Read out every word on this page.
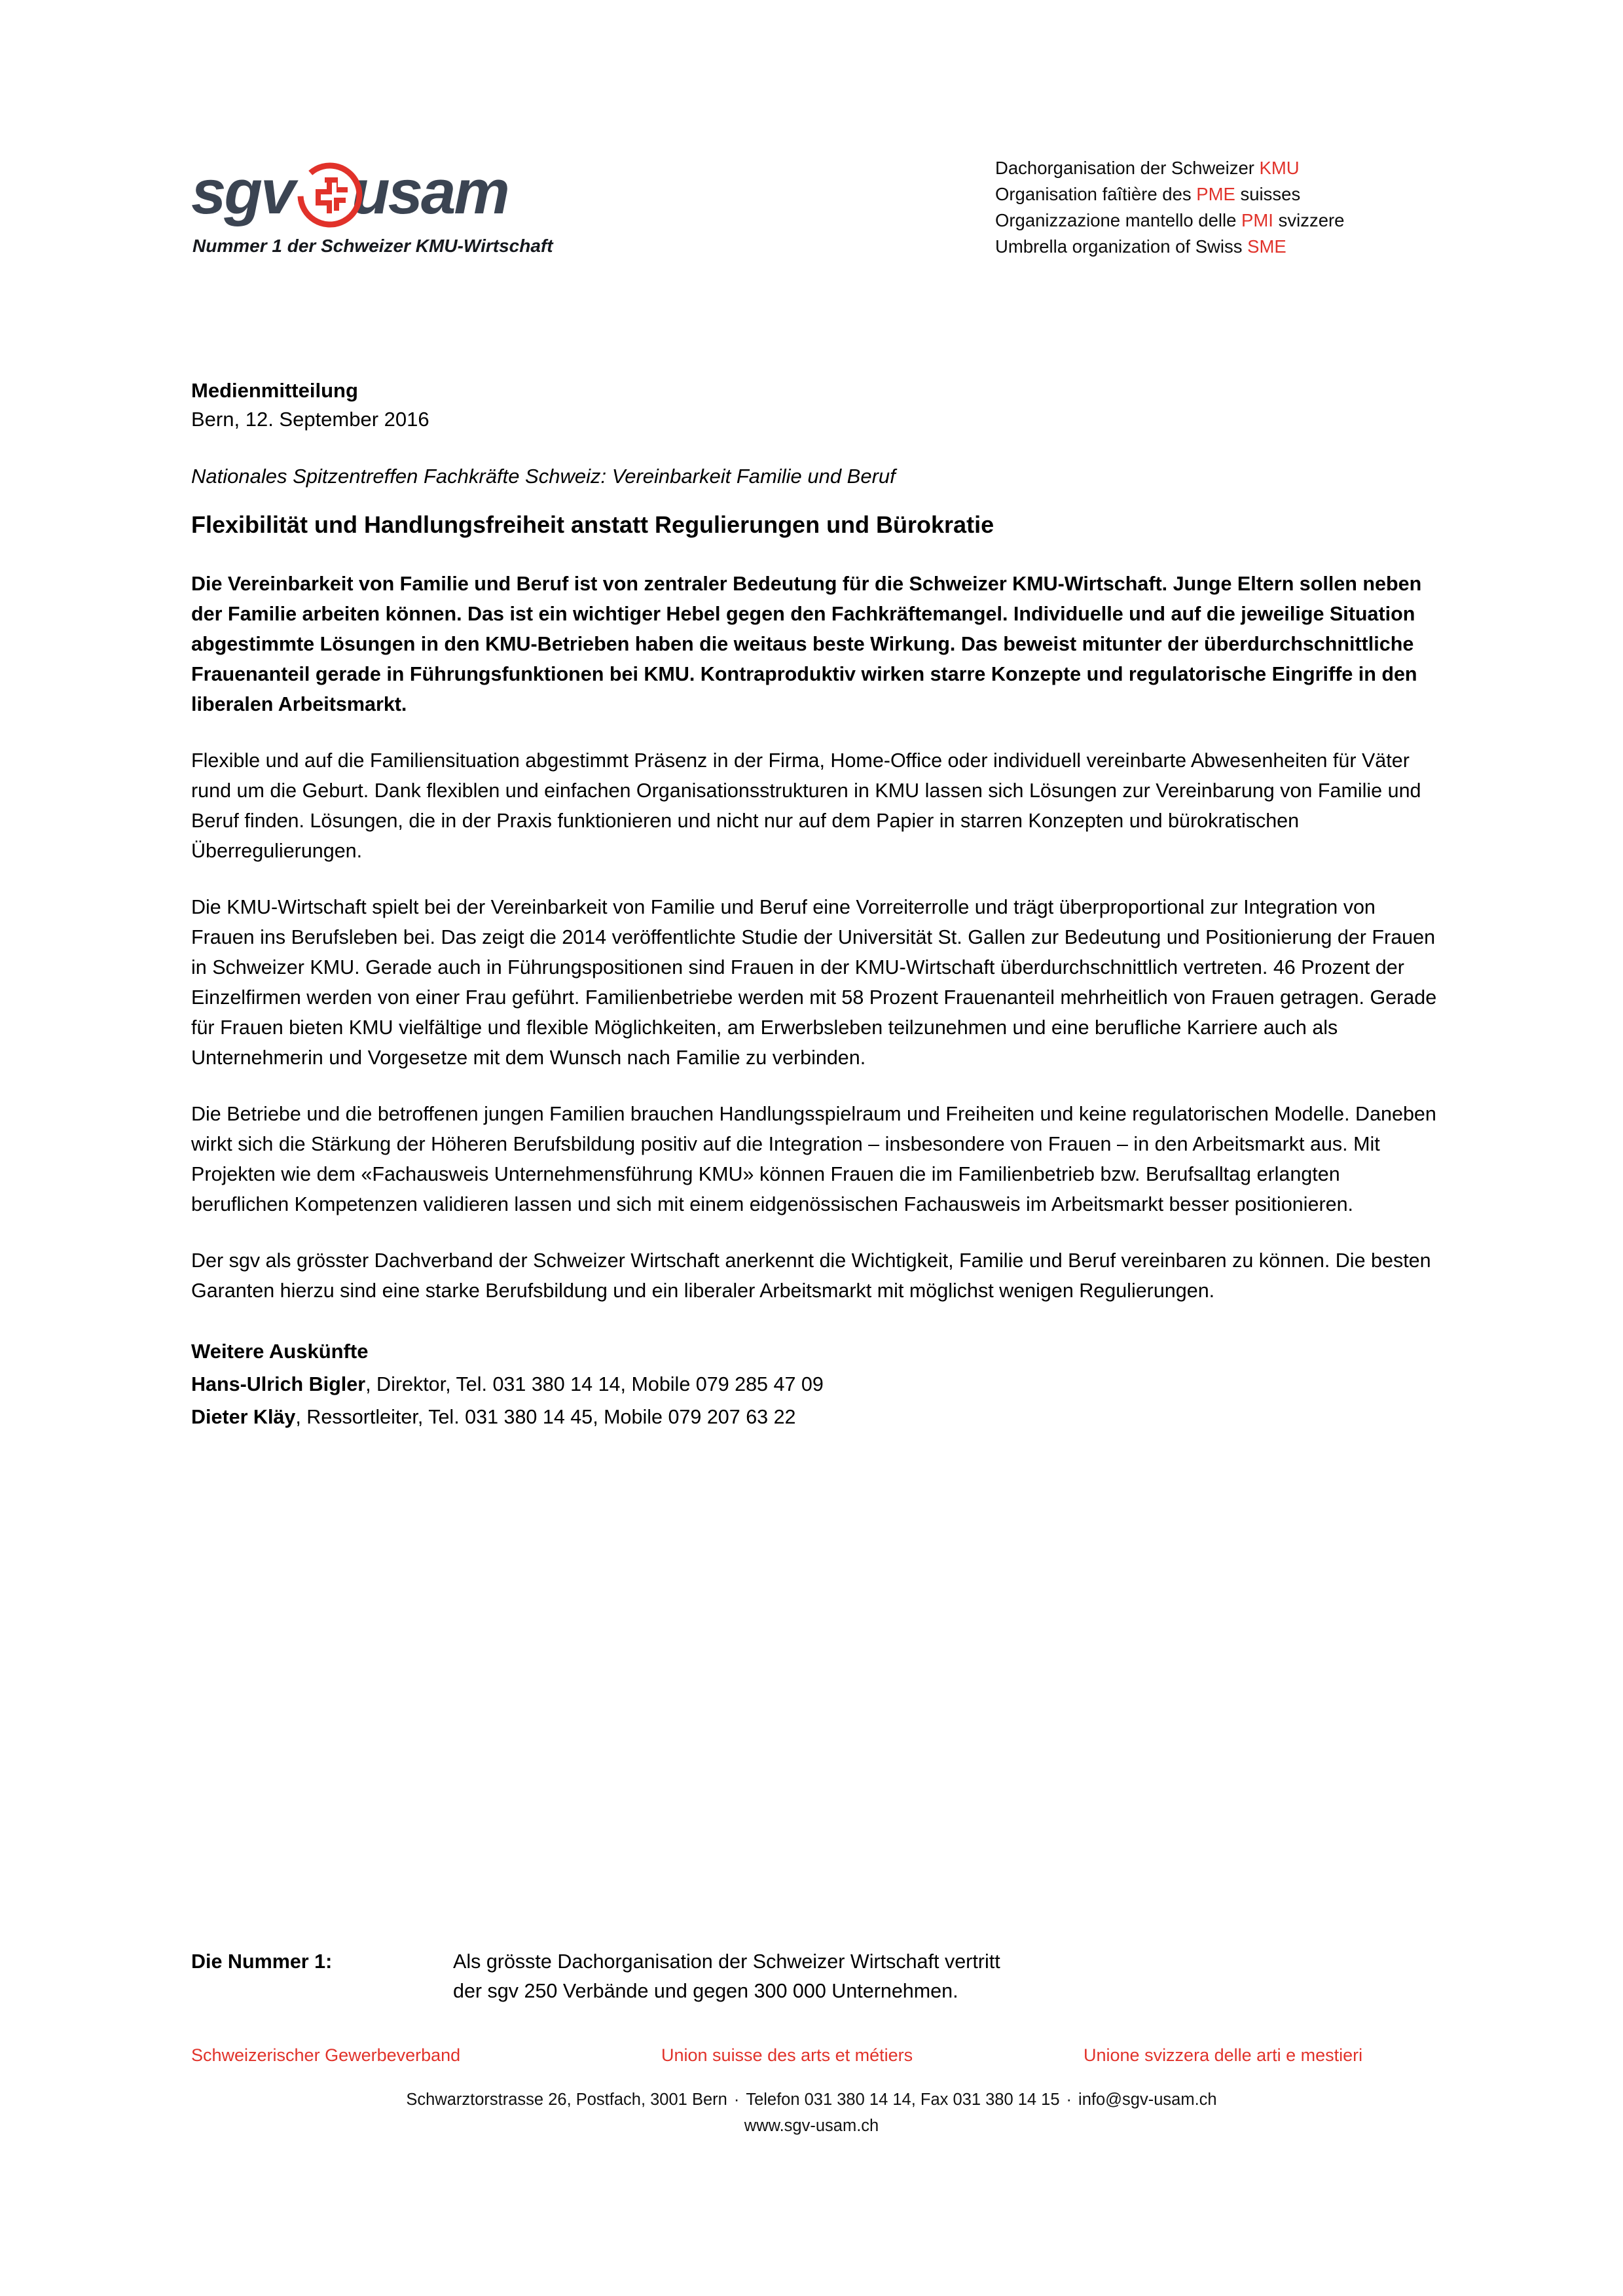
sgv usam
Nummer 1 der Schweizer KMU-Wirtschaft
Dachorganisation der Schweizer KMU
Organisation faîtière des PME suisses
Organizzazione mantello delle PMI svizzere
Umbrella organization of Swiss SME
Medienmitteilung
Bern, 12. September 2016
Nationales Spitzentreffen Fachkräfte Schweiz: Vereinbarkeit Familie und Beruf
Flexibilität und Handlungsfreiheit anstatt Regulierungen und Bürokratie
Die Vereinbarkeit von Familie und Beruf ist von zentraler Bedeutung für die Schweizer KMU-Wirtschaft. Junge Eltern sollen neben der Familie arbeiten können. Das ist ein wichtiger Hebel gegen den Fachkräftemangel. Individuelle und auf die jeweilige Situation abgestimmte Lösungen in den KMU-Betrieben haben die weitaus beste Wirkung. Das beweist mitunter der überdurchschnittliche Frauenanteil gerade in Führungsfunktionen bei KMU. Kontraproduktiv wirken starre Konzepte und regulatorische Eingriffe in den liberalen Arbeitsmarkt.
Flexible und auf die Familiensituation abgestimmt Präsenz in der Firma, Home-Office oder individuell vereinbarte Abwesenheiten für Väter rund um die Geburt. Dank flexiblen und einfachen Organisationsstrukturen in KMU lassen sich Lösungen zur Vereinbarung von Familie und Beruf finden. Lösungen, die in der Praxis funktionieren und nicht nur auf dem Papier in starren Konzepten und bürokratischen Überregulierungen.
Die KMU-Wirtschaft spielt bei der Vereinbarkeit von Familie und Beruf eine Vorreiterrolle und trägt überproportional zur Integration von Frauen ins Berufsleben bei. Das zeigt die 2014 veröffentlichte Studie der Universität St. Gallen zur Bedeutung und Positionierung der Frauen in Schweizer KMU. Gerade auch in Führungspositionen sind Frauen in der KMU-Wirtschaft überdurchschnittlich vertreten. 46 Prozent der Einzelfirmen werden von einer Frau geführt. Familienbetriebe werden mit 58 Prozent Frauenanteil mehrheitlich von Frauen getragen. Gerade für Frauen bieten KMU vielfältige und flexible Möglichkeiten, am Erwerbsleben teilzunehmen und eine berufliche Karriere auch als Unternehmerin und Vorgesetze mit dem Wunsch nach Familie zu verbinden.
Die Betriebe und die betroffenen jungen Familien brauchen Handlungsspielraum und Freiheiten und keine regulatorischen Modelle. Daneben wirkt sich die Stärkung der Höheren Berufsbildung positiv auf die Integration – insbesondere von Frauen – in den Arbeitsmarkt aus. Mit Projekten wie dem «Fachausweis Unternehmensführung KMU» können Frauen die im Familienbetrieb bzw. Berufsalltag erlangten beruflichen Kompetenzen validieren lassen und sich mit einem eidgenössischen Fachausweis im Arbeitsmarkt besser positionieren.
Der sgv als grösster Dachverband der Schweizer Wirtschaft anerkennt die Wichtigkeit, Familie und Beruf vereinbaren zu können. Die besten Garanten hierzu sind eine starke Berufsbildung und ein liberaler Arbeitsmarkt mit möglichst wenigen Regulierungen.
Weitere Auskünfte
Hans-Ulrich Bigler, Direktor, Tel. 031 380 14 14, Mobile 079 285 47 09
Dieter Kläy, Ressortleiter, Tel. 031 380 14 45, Mobile 079 207 63 22
Die Nummer 1:	Als grösste Dachorganisation der Schweizer Wirtschaft vertritt
der sgv 250 Verbände und gegen 300 000 Unternehmen.
Schweizerischer Gewerbeverband	Union suisse des arts et métiers	Unione svizzera delle arti e mestieri
Schwarztorstrasse 26, Postfach, 3001 Bern · Telefon 031 380 14 14, Fax 031 380 14 15 · info@sgv-usam.ch
www.sgv-usam.ch
